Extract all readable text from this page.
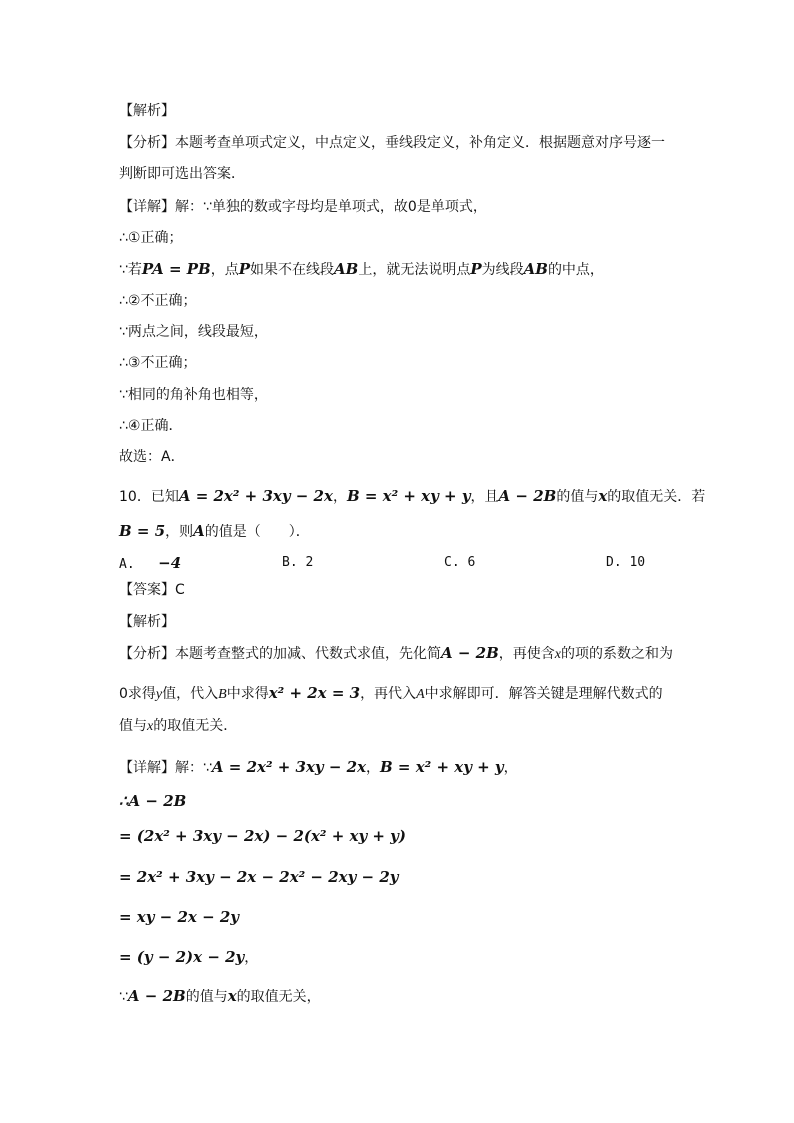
【解析】
【分析】本题考查单项式定义，中点定义，垂线段定义，补角定义．根据题意对序号逐一
判断即可选出答案．
【详解】解：∵单独的数或字母均是单项式，故0是单项式，
∴①正确；
∵若PA = PB，点P如果不在线段AB上，就无法说明点P为线段AB的中点，
∴②不正确；
∵两点之间，线段最短，
∴③不正确；
∵相同的角补角也相等，
∴④正确．
故选：A．
10．已知A = 2x² + 3xy − 2x，B = x² + xy + y，且A − 2B的值与x的取值无关．若
B = 5，则A的值是（　　）．
A. −4	B. 2	C. 6	D. 10
【答案】C
【解析】
【分析】本题考查整式的加减、代数式求值，先化简A − 2B，再使含x的项的系数之和为
0求得y值，代入B中求得x² + 2x = 3，再代入A中求解即可．解答关键是理解代数式的
值与x的取值无关．
【详解】解：∵A = 2x² + 3xy − 2x，B = x² + xy + y，
∴A − 2B
= (2x² + 3xy − 2x) − 2(x² + xy + y)
= 2x² + 3xy − 2x − 2x² − 2xy − 2y
= xy − 2x − 2y
= (y − 2)x − 2y，
∵A − 2B的值与x的取值无关，
